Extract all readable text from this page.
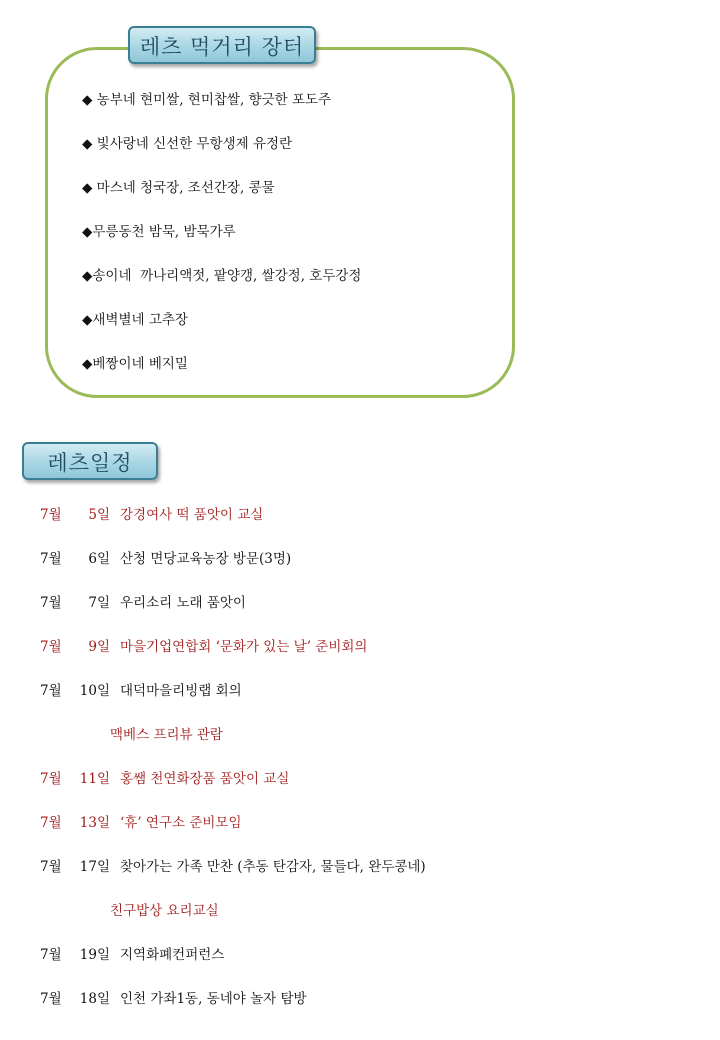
레츠 먹거리 장터
◆ 농부네 현미쌀, 현미찹쌀, 향긋한 포도주
◆ 빛사랑네 신선한 무항생제 유정란
◆ 마스네 청국장, 조선간장, 콩물
◆무릉동천 밤묵, 밤묵가루
◆송이네  까나리액젓, 팥양갱, 쌀강정, 호두강정
◆새벽별네 고추장
◆베짱이네 베지밀
레츠일정
7월 5일 강경여사 떡 품앗이 교실
7월 6일 산청 면당교육농장 방문(3명)
7월 7일 우리소리 노래 품앗이
7월 9일 마을기업연합회 ‘문화가 있는 날’ 준비회의
7월 10일 대덕마을리빙랩 회의
맥베스 프리뷰 관람
7월 11일 홍쌤 천연화장품 품앗이 교실
7월 13일 ‘휴’ 연구소 준비모임
7월 17일 찾아가는 가족 만찬 (추동 탄감자, 물들다, 완두콩네)
친구밥상 요리교실
7월 19일 지역화폐컨퍼런스
7월 18일 인천 가좌1동, 동네야 놀자 탐방
